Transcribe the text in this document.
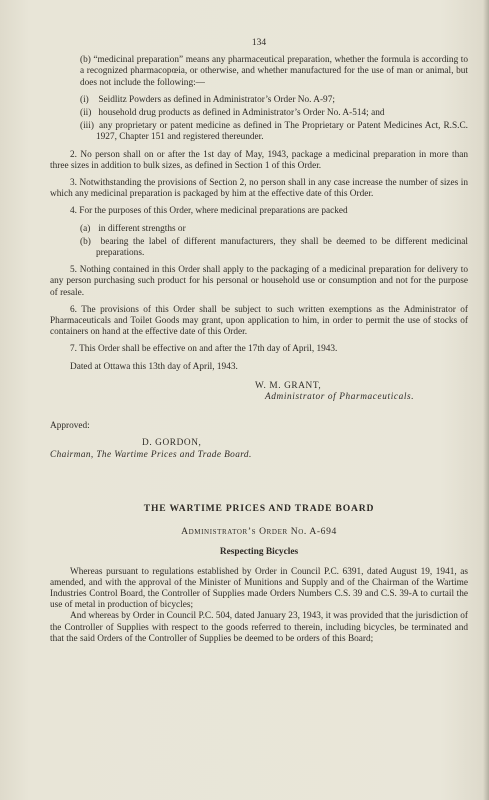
134

(b) “medicinal preparation” means any pharmaceutical preparation, whether the formula is according to a recognized pharmacopœia, or otherwise, and whether manufactured for the use of man or animal, but does not include the following:—

(i) Seidlitz Powders as defined in Administrator’s Order No. A-97;
(ii) household drug products as defined in Administrator’s Order No. A-514; and
(iii) any proprietary or patent medicine as defined in The Proprietary or Patent Medicines Act, R.S.C. 1927, Chapter 151 and registered thereunder.

2. No person shall on or after the 1st day of May, 1943, package a medicinal preparation in more than three sizes in addition to bulk sizes, as defined in Section 1 of this Order.

3. Notwithstanding the provisions of Section 2, no person shall in any case increase the number of sizes in which any medicinal preparation is packaged by him at the effective date of this Order.

4. For the purposes of this Order, where medicinal preparations are packed

(a) in different strengths or
(b) bearing the label of different manufacturers, they shall be deemed to be different medicinal preparations.

5. Nothing contained in this Order shall apply to the packaging of a medicinal preparation for delivery to any person purchasing such product for his personal or household use or consumption and not for the purpose of resale.

6. The provisions of this Order shall be subject to such written exemptions as the Administrator of Pharmaceuticals and Toilet Goods may grant, upon application to him, in order to permit the use of stocks of containers on hand at the effective date of this Order.

7. This Order shall be effective on and after the 17th day of April, 1943.

Dated at Ottawa this 13th day of April, 1943.

W. M. GRANT,
Administrator of Pharmaceuticals.
Approved:
D. GORDON,
Chairman, The Wartime Prices and Trade Board.
THE WARTIME PRICES AND TRADE BOARD
Administrator’s Order No. A-694
Respecting Bicycles

Whereas pursuant to regulations established by Order in Council P.C. 6391, dated August 19, 1941, as amended, and with the approval of the Minister of Munitions and Supply and of the Chairman of the Wartime Industries Control Board, the Controller of Supplies made Orders Numbers C.S. 39 and C.S. 39-A to curtail the use of metal in production of bicycles;

And whereas by Order in Council P.C. 504, dated January 23, 1943, it was provided that the jurisdiction of the Controller of Supplies with respect to the goods referred to therein, including bicycles, be terminated and that the said Orders of the Controller of Supplies be deemed to be orders of this Board;
